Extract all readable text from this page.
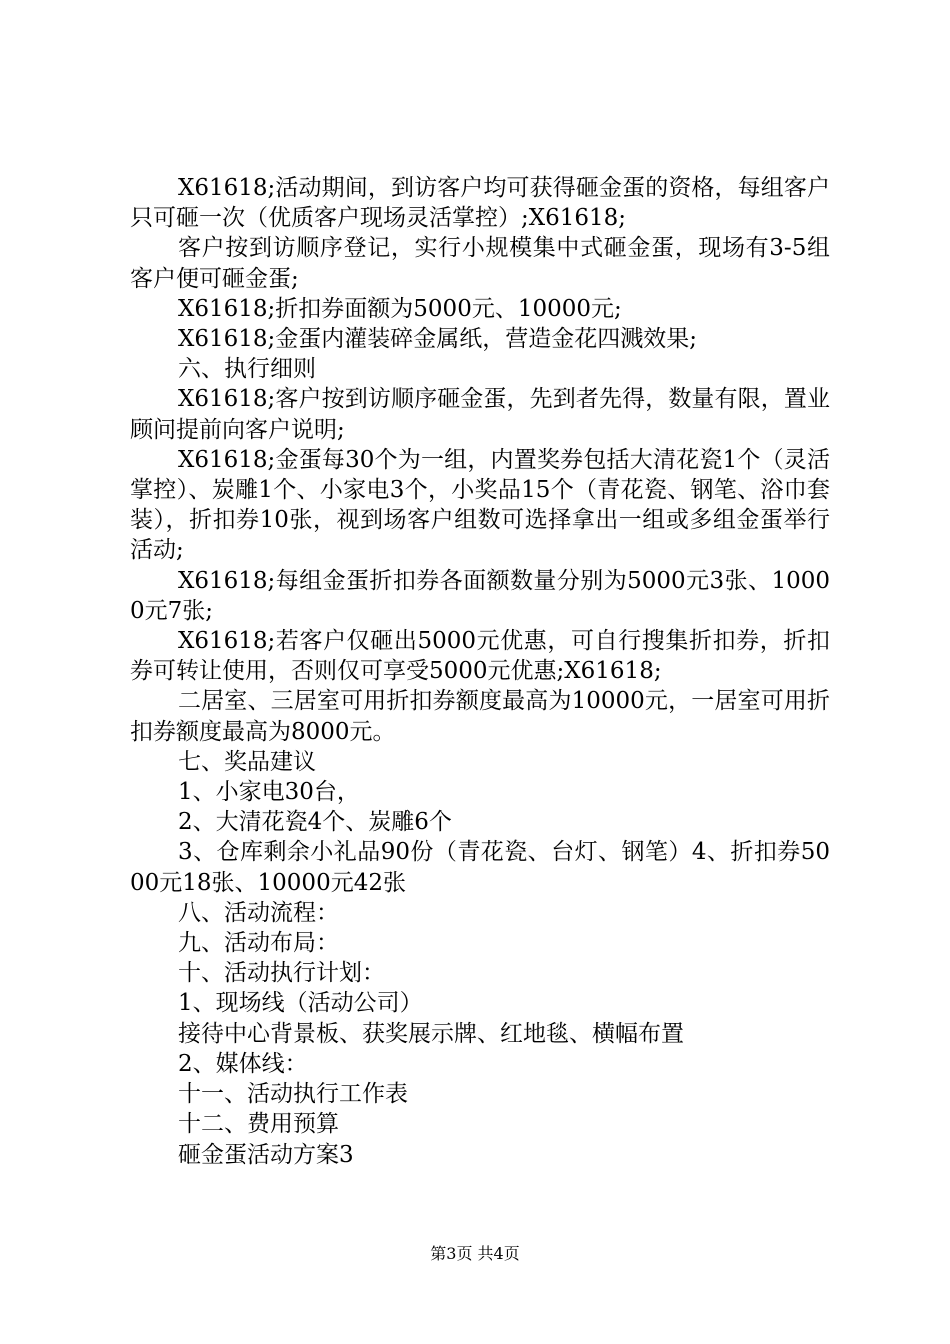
X61618;活动期间，到访客户均可获得砸金蛋的资格，每组客户只可砸一次（优质客户现场灵活掌控）;X61618;

客户按到访顺序登记，实行小规模集中式砸金蛋，现场有3-5组客户便可砸金蛋;

X61618;折扣券面额为5000元、10000元;

X61618;金蛋内灌装碎金属纸，营造金花四溅效果;

六、执行细则

X61618;客户按到访顺序砸金蛋，先到者先得，数量有限，置业顾问提前向客户说明;

X61618;金蛋每30个为一组，内置奖券包括大清花瓷1个（灵活掌控）、炭雕1个、小家电3个，小奖品15个（青花瓷、钢笔、浴巾套装），折扣券10张，视到场客户组数可选择拿出一组或多组金蛋举行活动;

X61618;每组金蛋折扣券各面额数量分别为5000元3张、10000元7张;

X61618;若客户仅砸出5000元优惠，可自行搜集折扣券，折扣券可转让使用，否则仅可享受5000元优惠;X61618;

二居室、三居室可用折扣券额度最高为10000元，一居室可用折扣券额度最高为8000元。

七、奖品建议

1、小家电30台，

2、大清花瓷4个、炭雕6个

3、仓库剩余小礼品90份（青花瓷、台灯、钢笔）4、折扣券5000元18张、10000元42张

八、活动流程：

九、活动布局：

十、活动执行计划：

1、现场线（活动公司）

接待中心背景板、获奖展示牌、红地毯、横幅布置

2、媒体线：

十一、活动执行工作表

十二、费用预算

砸金蛋活动方案3

第3页 共4页
